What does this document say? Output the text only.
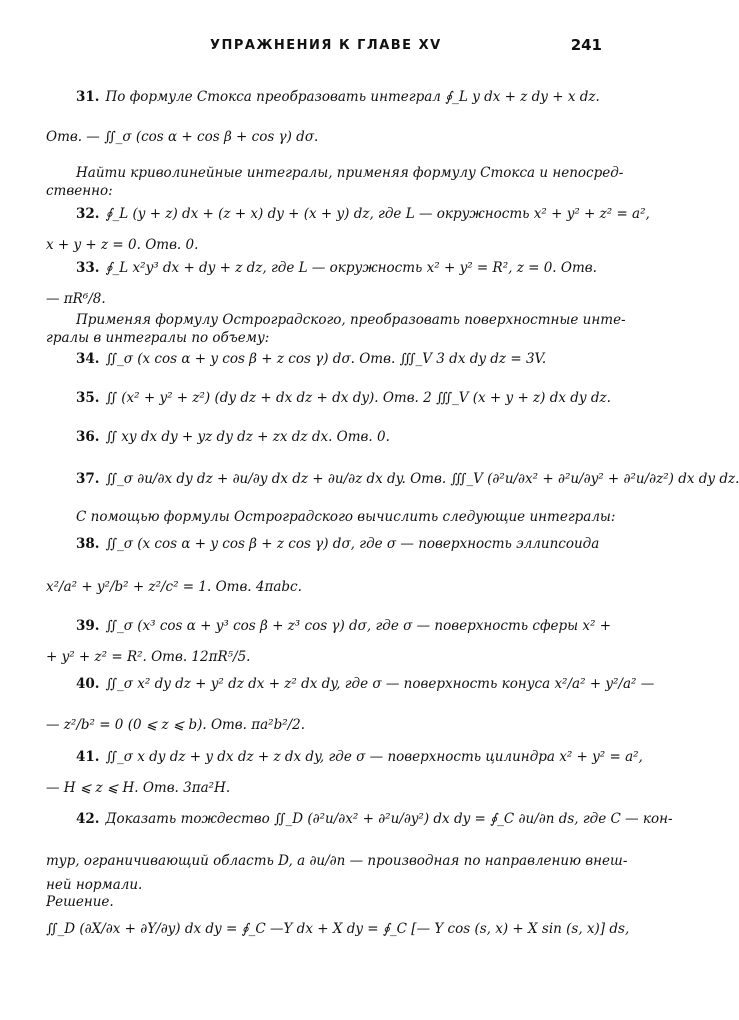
УПРАЖНЕНИЯ К ГЛАВЕ XV	241
31. По формуле Стокса преобразовать интеграл ∮_L y dx + z dy + x dz.
Отв. — ∬_σ (cos α + cos β + cos γ) dσ.
Найти криволинейные интегралы, применяя формулу Стокса и непосред-
ственно:
32. ∮_L (y + z) dx + (z + x) dy + (x + y) dz, где L — окружность x² + y² + z² = a²,
x + y + z = 0. Отв. 0.
33. ∮_L x²y³ dx + dy + z dz, где L — окружность x² + y² = R², z = 0. Отв.
— πR⁶/8.
Применяя формулу Остроградского, преобразовать поверхностные инте-
гралы в интегралы по объему:
34. ∬_σ (x cos α + y cos β + z cos γ) dσ. Отв. ∭_V 3 dx dy dz = 3V.
35. ∬ (x² + y² + z²) (dy dz + dx dz + dx dy). Отв. 2 ∭_V (x + y + z) dx dy dz.
36. ∬ xy dx dy + yz dy dz + zx dz dx. Отв. 0.
37. ∬_σ ∂u/∂x dy dz + ∂u/∂y dx dz + ∂u/∂z dx dy. Отв. ∭_V (∂²u/∂x² + ∂²u/∂y² + ∂²u/∂z²) dx dy dz.
С помощью формулы Остроградского вычислить следующие интегралы:
38. ∬_σ (x cos α + y cos β + z cos γ) dσ, где σ — поверхность эллипсоида
x²/a² + y²/b² + z²/c² = 1. Отв. 4πabc.
39. ∬_σ (x³ cos α + y³ cos β + z³ cos γ) dσ, где σ — поверхность сферы x² +
+ y² + z² = R². Отв. 12πR⁵/5.
40. ∬_σ x² dy dz + y² dz dx + z² dx dy, где σ — поверхность конуса x²/a² + y²/a² —
— z²/b² = 0 (0 ⩽ z ⩽ b). Отв. πa²b²/2.
41. ∬_σ x dy dz + y dx dz + z dx dy, где σ — поверхность цилиндра x² + y² = a²,
— H ⩽ z ⩽ H. Отв. 3πa²H.
42. Доказать тождество ∬_D (∂²u/∂x² + ∂²u/∂y²) dx dy = ∮_C ∂u/∂n ds, где C — кон-
тур, ограничивающий область D, а ∂u/∂n — производная по направлению внеш-
ней нормали.
Решение.
∬_D (∂X/∂x + ∂Y/∂y) dx dy = ∮_C —Y dx + X dy = ∮_C [— Y cos (s, x) + X sin (s, x)] ds,
